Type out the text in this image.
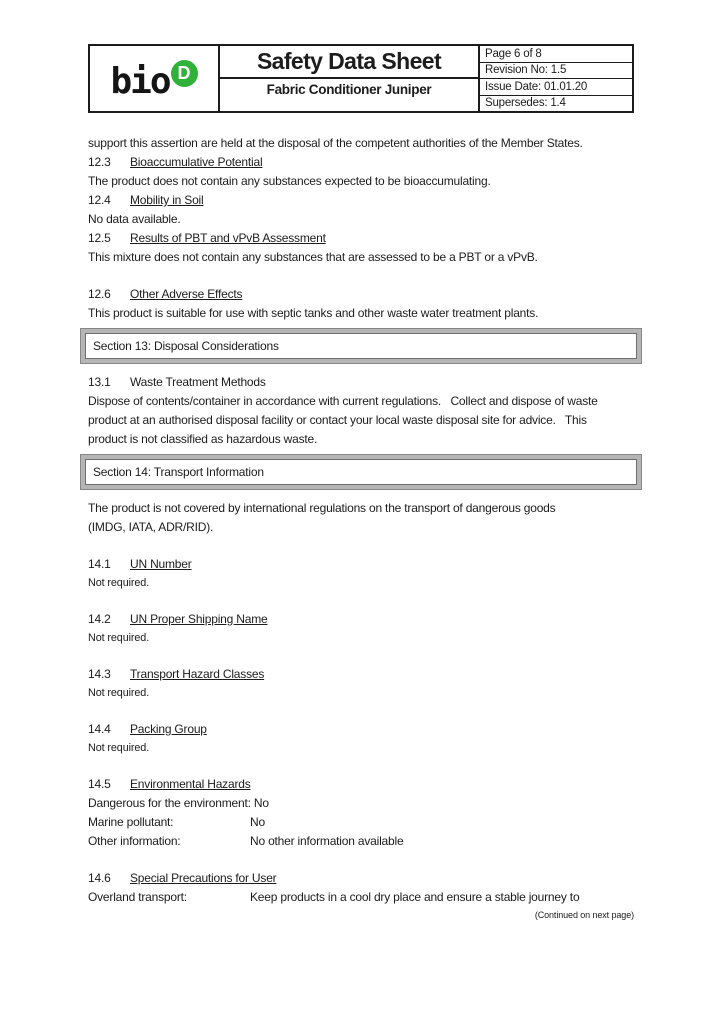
bio D	Safety Data Sheet
Fabric Conditioner Juniper
Page 6 of 8
Revision No: 1.5
Issue Date: 01.01.20
Supersedes: 1.4
support this assertion are held at the disposal of the competent authorities of the Member States.
12.3	Bioaccumulative Potential
The product does not contain any substances expected to be bioaccumulating.
12.4	Mobility in Soil
No data available.
12.5	Results of PBT and vPvB Assessment
This mixture does not contain any substances that are assessed to be a PBT or a vPvB.
12.6	Other Adverse Effects
This product is suitable for use with septic tanks and other waste water treatment plants.
Section 13: Disposal Considerations
13.1	Waste Treatment Methods
Dispose of contents/container in accordance with current regulations.   Collect and dispose of waste
product at an authorised disposal facility or contact your local waste disposal site for advice.   This
product is not classified as hazardous waste.
Section 14: Transport Information
The product is not covered by international regulations on the transport of dangerous goods
(IMDG, IATA, ADR/RID).
14.1	UN Number
Not required.
14.2	UN Proper Shipping Name
Not required.
14.3	Transport Hazard Classes
Not required.
14.4	Packing Group
Not required.
14.5	Environmental Hazards
Dangerous for the environment: No
Marine pollutant:	No
Other information:	No other information available
14.6	Special Precautions for User
Overland transport:	Keep products in a cool dry place and ensure a stable journey to
(Continued on next page)
